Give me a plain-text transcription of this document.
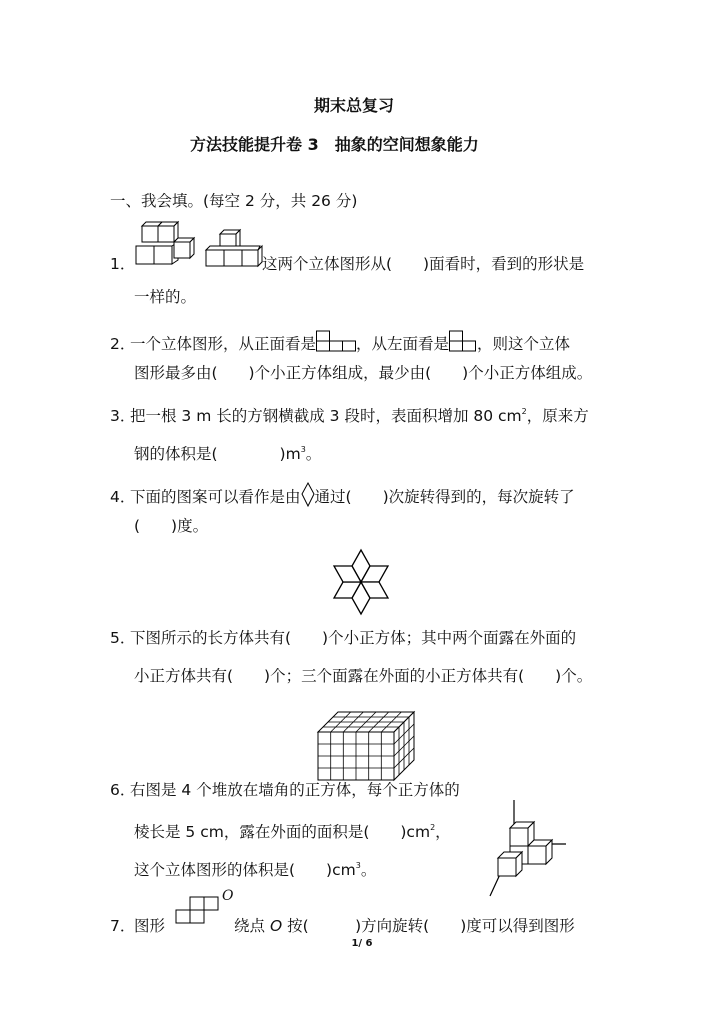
期末总复习
方法技能提升卷 3　抽象的空间想象能力
一、我会填。(每空 2 分，共 26 分)
1．	这两个立体图形从(　　)面看时，看到的形状是
一样的。
2．一个立体图形，从正面看是	，从左面看是 ，则这个立体
图形最多由(　　)个小正方体组成，最少由(　　)个小正方体组成。
3．把一根 3 m 长的方钢横截成 3 段时，表面积增加 80 $cm^2$，原来方
钢的体积是(　　　　)$m^3$。
4．下面的图案可以看作是由 通过(　　)次旋转得到的，每次旋转了
(　　)度。
5．下图所示的长方体共有(　　)个小正方体；其中两个面露在外面的
小正方体共有(　　)个；三个面露在外面的小正方体共有(　　)个。
6．右图是 4 个堆放在墙角的正方体，每个正方体的
棱长是 5 cm，露在外面的面积是(　　)$cm^2$，
这个立体图形的体积是(　　)$cm^3$。
7．
图形
O
绕点 O 按(　　　)方向旋转(　　)度可以得到图形
1/ 6
